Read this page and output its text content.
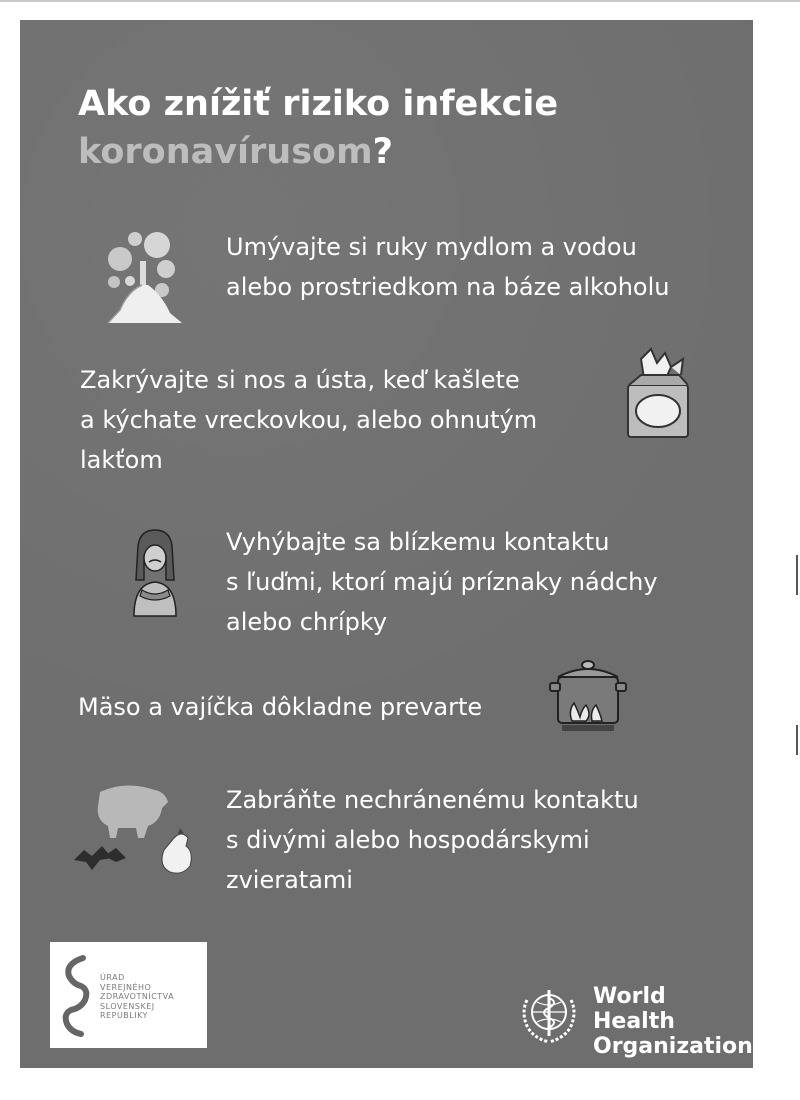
Ako znížiť riziko infekcie
koronavírusom?

Umývajte si ruky mydlom a vodou
alebo prostriedkom na báze alkoholu

Zakrývajte si nos a ústa, keď kašlete
a kýchate vreckovkou, alebo ohnutým
lakťom

Vyhýbajte sa blízkemu kontaktu
s ľuďmi, ktorí majú príznaky nádchy
alebo chrípky

Mäso a vajíčka dôkladne prevarte

Zabráňte nechránenému kontaktu
s divými alebo hospodárskymi
zvieratami

ÚRAD
VEREJNÉHO
ZDRAVOTNÍCTVA
SLOVENSKEJ
REPUBLIKY
World Health
Organization
